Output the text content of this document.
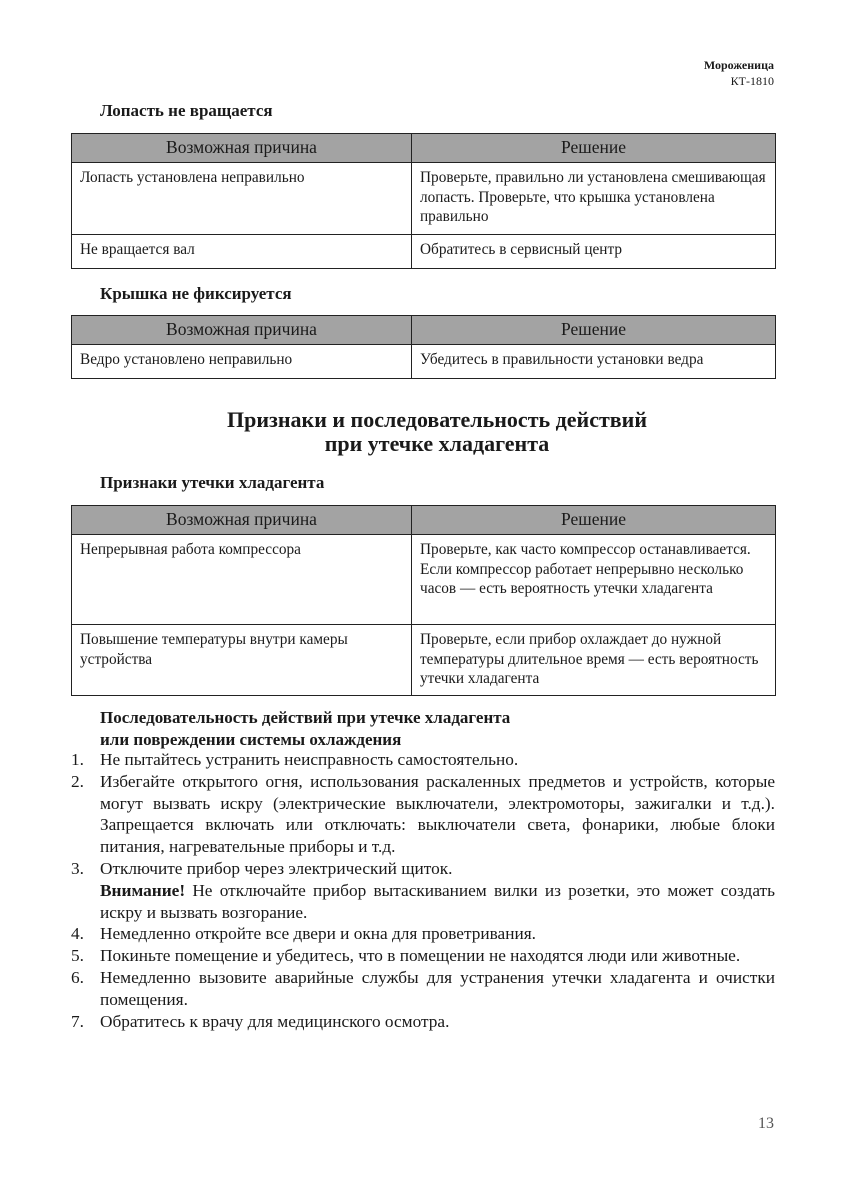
Мороженица
КТ-1810
Лопасть не вращается
Возможная причина	Решение
Лопасть установлена неправильно	Проверьте, правильно ли установлена смешивающая лопасть. Проверьте, что крышка установлена правильно
Не вращается вал	Обратитесь в сервисный центр
Крышка не фиксируется
Возможная причина	Решение
Ведро установлено неправильно	Убедитесь в правильности установки ведра
Признаки и последовательность действий
при утечке хладагента
Признаки утечки хладагента
Возможная причина	Решение
Непрерывная работа компрессора	Проверьте, как часто компрессор останавливается. Если компрессор работает непрерывно несколько часов — есть вероятность утечки хладагента
Повышение температуры внутри камеры устройства	Проверьте, если прибор охлаждает до нужной температуры длительное время — есть вероятность утечки хладагента
Последовательность действий при утечке хладагента
или повреждении системы охлаждения
1. Не пытайтесь устранить неисправность самостоятельно.
2. Избегайте открытого огня, использования раскаленных предметов и устройств, которые могут вызвать искру (электрические выключатели, электромоторы, зажигалки и т.д.). Запрещается включать или отключать: выключатели света, фонарики, любые блоки питания, нагревательные приборы и т.д.
3. Отключите прибор через электрический щиток.
Внимание! Не отключайте прибор вытаскиванием вилки из розетки, это может создать искру и вызвать возгорание.
4. Немедленно откройте все двери и окна для проветривания.
5. Покиньте помещение и убедитесь, что в помещении не находятся люди или животные.
6. Немедленно вызовите аварийные службы для устранения утечки хладагента и очистки помещения.
7. Обратитесь к врачу для медицинского осмотра.
13
